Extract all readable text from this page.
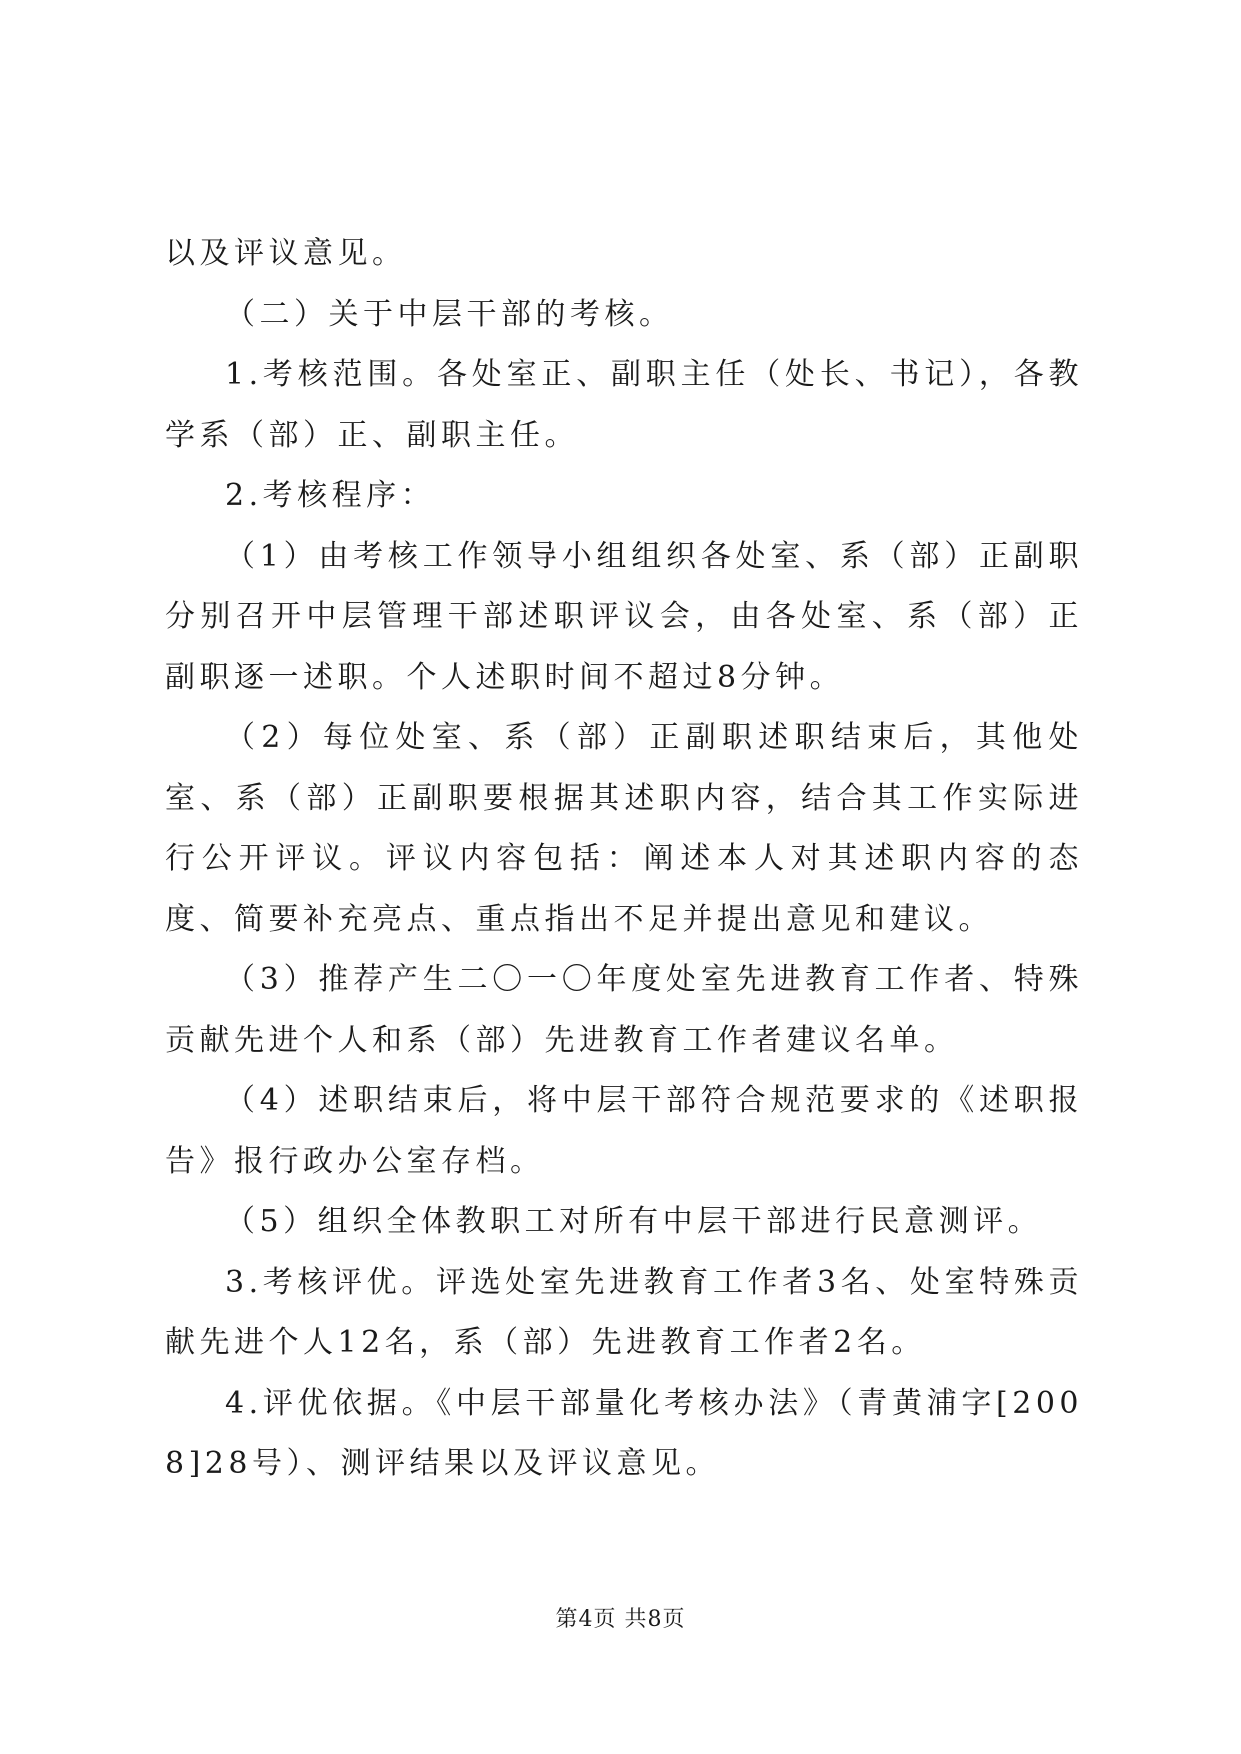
以及评议意见。

（二）关于中层干部的考核。

1.考核范围。各处室正、副职主任（处长、书记），各教学系（部）正、副职主任。

2.考核程序：

（1）由考核工作领导小组组织各处室、系（部）正副职分别召开中层管理干部述职评议会，由各处室、系（部）正副职逐一述职。个人述职时间不超过8分钟。

（2）每位处室、系（部）正副职述职结束后，其他处室、系（部）正副职要根据其述职内容，结合其工作实际进行公开评议。评议内容包括：阐述本人对其述职内容的态度、简要补充亮点、重点指出不足并提出意见和建议。

（3）推荐产生二〇一〇年度处室先进教育工作者、特殊贡献先进个人和系（部）先进教育工作者建议名单。

（4）述职结束后，将中层干部符合规范要求的《述职报告》报行政办公室存档。

（5）组织全体教职工对所有中层干部进行民意测评。

3.考核评优。评选处室先进教育工作者3名、处室特殊贡献先进个人12名，系（部）先进教育工作者2名。

4.评优依据。《中层干部量化考核办法》（青黄浦字[2008]28号）、测评结果以及评议意见。

第4页 共8页
